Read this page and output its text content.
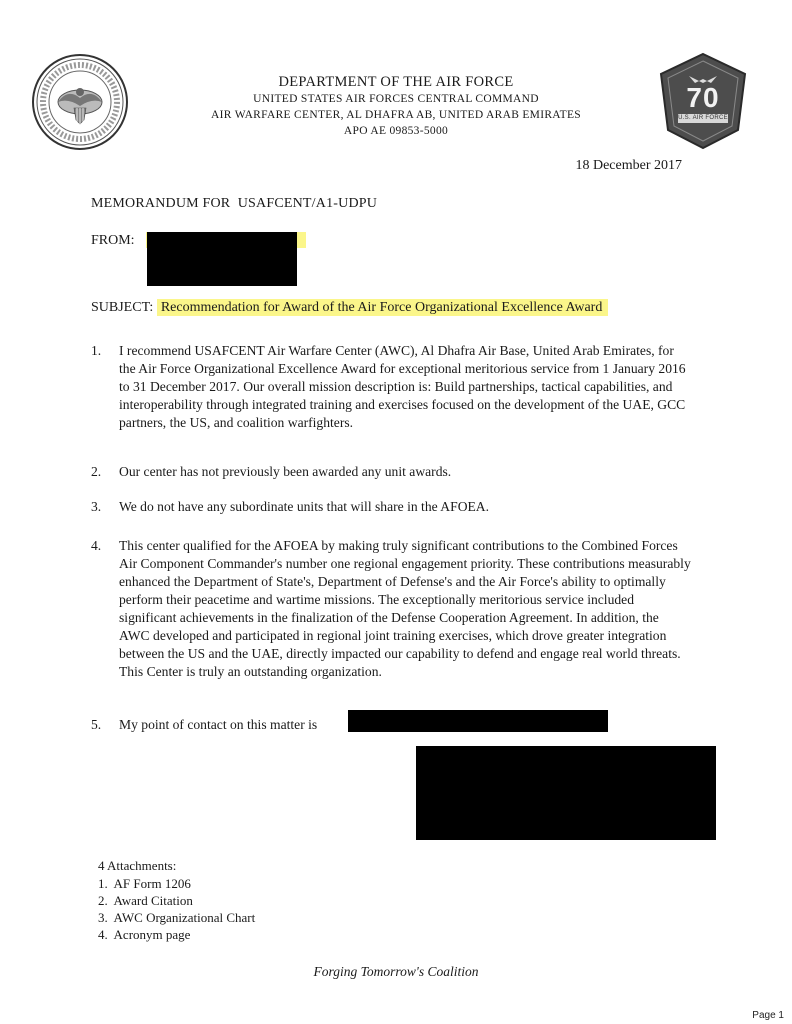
70
U.S. AIR FORCE
DEPARTMENT OF THE AIR FORCE
UNITED STATES AIR FORCES CENTRAL COMMAND
AIR WARFARE CENTER, AL DHAFRA AB, UNITED ARAB EMIRATES
APO AE 09853-5000
18 December 2017
MEMORANDUM FOR  USAFCENT/A1-UDPU
FROM:
SUBJECT: Recommendation for Award of the Air Force Organizational Excellence Award
1. I recommend USAFCENT Air Warfare Center (AWC), Al Dhafra Air Base, United Arab Emirates, for the Air Force Organizational Excellence Award for exceptional meritorious service from 1 January 2016 to 31 December 2017. Our overall mission description is: Build partnerships, tactical capabilities, and interoperability through integrated training and exercises focused on the development of the UAE, GCC partners, the US, and coalition warfighters.
2. Our center has not previously been awarded any unit awards.
3. We do not have any subordinate units that will share in the AFOEA.
4. This center qualified for the AFOEA by making truly significant contributions to the Combined Forces Air Component Commander's number one regional engagement priority. These contributions measurably enhanced the Department of State's, Department of Defense's and the Air Force's ability to optimally perform their peacetime and wartime missions. The exceptionally meritorious service included significant achievements in the finalization of the Defense Cooperation Agreement. In addition, the AWC developed and participated in regional joint training exercises, which drove greater integration between the US and the UAE, directly impacted our capability to defend and engage real world threats. This Center is truly an outstanding organization.
5. My point of contact on this matter is
4 Attachments:
1.  AF Form 1206
2.  Award Citation
3.  AWC Organizational Chart
4.  Acronym page
Forging Tomorrow's Coalition
Page 1
